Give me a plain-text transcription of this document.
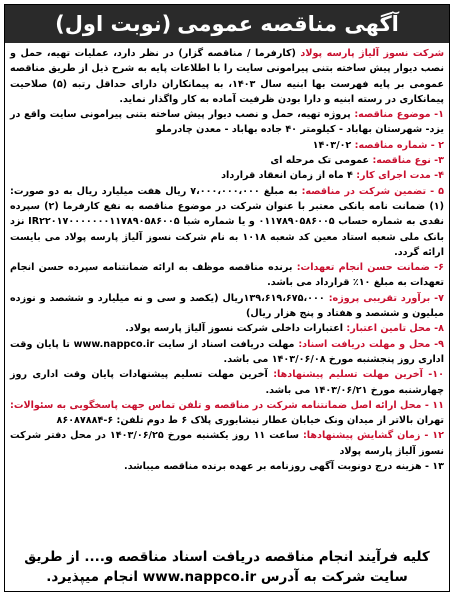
آگهی مناقصه عمومی
(نوبت اول)

شرکت نسوز آلیاژ پارسه پولاد (کارفرما / مناقصه گزار) در نظر دارد، عملیات تهیه، حمل و نصب دیوار پیش ساخته بتنی پیرامونی سایت را با اطلاعات پایه به شرح ذیل از طریق مناقصه عمومی بر پایه فهرست بها ابنیه سال ۱۴۰۳، به پیمانکاران دارای حداقل رتبه (۵) صلاحیت پیمانکاری در رسته ابنیه و دارا بودن ظرفیت آماده به کار واگذار نماید.

۱- موضوع مناقصه: پروژه تهیه، حمل و نصب دیوار پیش ساخته بتنی پیرامونی سایت واقع در یزد- شهرستان بهاباد - کیلومتر ۴۰ جاده بهاباد - معدن چادرملو

۲ - شماره مناقصه: ۱۴۰۳/۰۲

۳- نوع مناقصه: عمومی تک مرحله ای

۴- مدت اجرای کار: ۴ ماه از زمان انعقاد قرارداد

۵ - تضمین شرکت در مناقصه: به مبلغ ۷،۰۰۰،۰۰۰،۰۰۰ ریال هفت میلیارد ریال به دو صورت: (۱) ضمانت نامه بانکی معتبر با عنوان شرکت در موضوع مناقصه به نفع کارفرما (۲) سپرده نقدی به شماره حساب ۰۱۱۷۸۹۰۵۸۶۰۰۵ و یا شماره شبا IR۲۲۰۱۷۰۰۰۰۰۰۰۱۱۷۸۹۰۵۸۶۰۰۵ نزد بانک ملی شعبه استاد معین کد شعبه ۱۰۱۸ به نام شرکت نسوز آلیاژ پارسه پولاد می بایست ارائه گردد.

۶- ضمانت حسن انجام تعهدات: برنده مناقصه موظف به ارائه ضمانتنامه سپرده حسن انجام تعهدات به مبلغ ۱۰٪ قرارداد می باشد.

۷- برآورد تقریبی پروژه: ۱۳۹،۶۱۹،۶۷۵،۰۰۰ریال (یکصد و سی و نه میلیارد و ششصد و نوزده میلیون و ششصد و هفتاد و پنج هزار ریال)

۸- محل تامین اعتبار: اعتبارات داخلی شرکت نسوز آلیاژ پارسه پولاد.

۹- محل و مهلت دریافت اسناد: مهلت دریافت اسناد از سایت www.nappco.ir تا پایان وقت اداری روز پنجشنبه مورخ ۱۴۰۳/۰۶/۰۸ می باشد.

۱۰- آخرین مهلت تسلیم پیشنهادها: آخرین مهلت تسلیم پیشنهادات پایان وقت اداری روز چهارشنبه مورخ ۱۴۰۳/۰۶/۲۱ می باشد.

۱۱ - محل ارائه اصل ضمانتنامه شرکت در مناقصه و تلفن تماس جهت پاسخگویی به سئوالات: تهران بالاتر از میدان ونک خیابان عطار نیشابوری پلاک ۶ ط دوم تلفن: ۶-۸۶۰۸۷۸۸۴

۱۲ - زمان گشایش پیشنهادها: ساعت ۱۱ روز یکشنبه مورخ ۱۴۰۳/۰۶/۲۵ در محل دفتر شرکت نسوز آلیاژ پارسه پولاد

۱۳ - هزینه درج دونوبت آگهی روزنامه بر عهده برنده مناقصه میباشد.

کلیه فرآیند انجام مناقصه دریافت اسناد مناقصه و.... از طریق
سایت شرکت به آدرس www.nappco.ir انجام میپذیرد.
